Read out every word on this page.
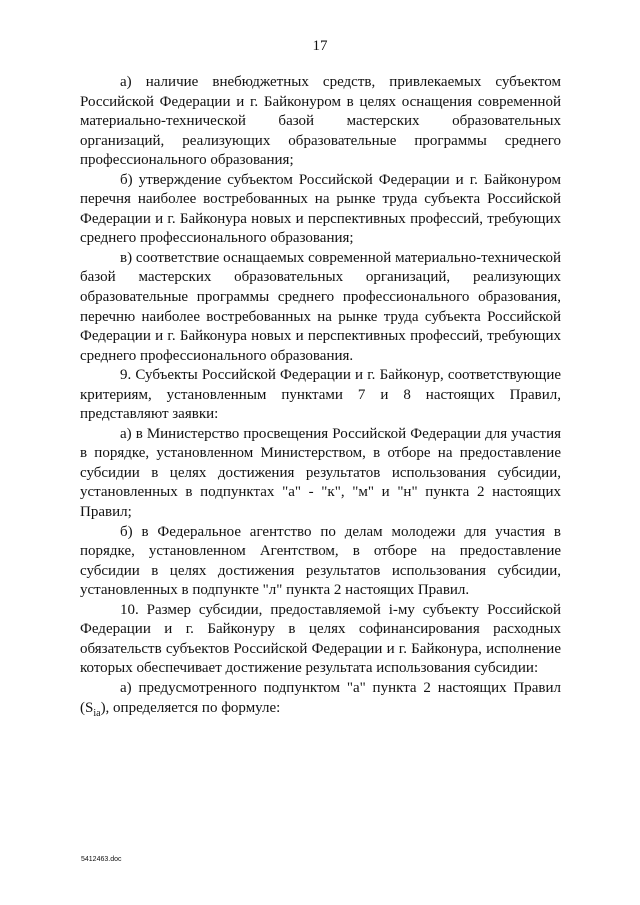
17

а) наличие внебюджетных средств, привлекаемых субъектом Российской Федерации и г. Байконуром в целях оснащения современной материально-технической базой мастерских образовательных организаций, реализующих образовательные программы среднего профессионального образования;

б) утверждение субъектом Российской Федерации и г. Байконуром перечня наиболее востребованных на рынке труда субъекта Российской Федерации и г. Байконура новых и перспективных профессий, требующих среднего профессионального образования;

в) соответствие оснащаемых современной материально-технической базой мастерских образовательных организаций, реализующих образовательные программы среднего профессионального образования, перечню наиболее востребованных на рынке труда субъекта Российской Федерации и г. Байконура новых и перспективных профессий, требующих среднего профессионального образования.

9. Субъекты Российской Федерации и г. Байконур, соответствующие критериям, установленным пунктами 7 и 8 настоящих Правил, представляют заявки:

а) в Министерство просвещения Российской Федерации для участия в порядке, установленном Министерством, в отборе на предоставление субсидии в целях достижения результатов использования субсидии, установленных в подпунктах "а" - "к", "м" и "н" пункта 2 настоящих Правил;

б) в Федеральное агентство по делам молодежи для участия в порядке, установленном Агентством, в отборе на предоставление субсидии в целях достижения результатов использования субсидии, установленных в подпункте "л" пункта 2 настоящих Правил.

10. Размер субсидии, предоставляемой i-му субъекту Российской Федерации и г. Байконуру в целях софинансирования расходных обязательств субъектов Российской Федерации и г. Байконура, исполнение которых обеспечивает достижение результата использования субсидии:

а) предусмотренного подпунктом "а" пункта 2 настоящих Правил $(S_{ia})$, определяется по формуле:

5412463.doc
